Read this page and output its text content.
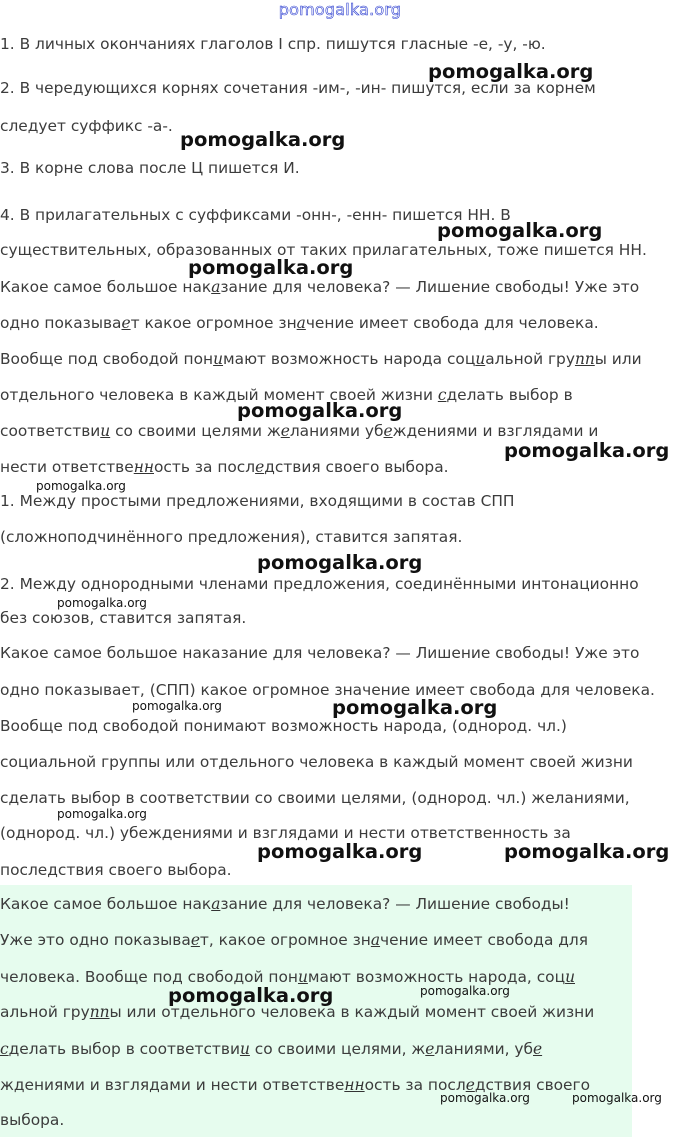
pomogalka.org
1. В личных окончаниях глаголов I спр. пишутся гласные -е, -у, -ю.
2. В чередующихся корнях сочетания -им-, -ин- пишутся, если за корнем
следует суффикс -а-.
3. В корне слова после Ц пишется И.
4. В прилагательных с суффиксами -онн-, -енн- пишется НН. В
существительных, образованных от таких прилагательных, тоже пишется НН.
Какое самое большое наказание для человека? — Лишение свободы! Уже это
одно показывает какое огромное значение имеет свобода для человека.
Вообще под свободой понимают возможность народа социальной группы или
отдельного человека в каждый момент своей жизни сделать выбор в
соответствии со своими целями желаниями убеждениями и взглядами и
нести ответственность за последствия своего выбора.
1. Между простыми предложениями, входящими в состав СПП
(сложноподчинённого предложения), ставится запятая.
2. Между однородными членами предложения, соединёнными интонационно
без союзов, ставится запятая.
Какое самое большое наказание для человека? — Лишение свободы! Уже это
одно показывает, (СПП) какое огромное значение имеет свобода для человека.
Вообще под свободой понимают возможность народа, (однород. чл.)
социальной группы или отдельного человека в каждый момент своей жизни
сделать выбор в соответствии со своими целями, (однород. чл.) желаниями,
(однород. чл.) убеждениями и взглядами и нести ответственность за
последствия своего выбора.
Какое самое большое наказание для человека? — Лишение свободы!
Уже это одно показывает, какое огромное значение имеет свобода для
человека. Вообще под свободой понимают возможность народа, соци
альной группы или отдельного человека в каждый момент своей жизни
сделать выбор в соответствии со своими целями, желаниями, убе
ждениями и взглядами и нести ответственность за последствия своего
выбора.
pomogalka.org
pomogalka.org
pomogalka.org
pomogalka.org
pomogalka.org
pomogalka.org
pomogalka.org
pomogalka.org
pomogalka.org
pomogalka.org	pomogalka.org
pomogalka.org
pomogalka.org	pomogalka.org
pomogalka.org	pomogalka.org
pomogalka.org	pomogalka.org
